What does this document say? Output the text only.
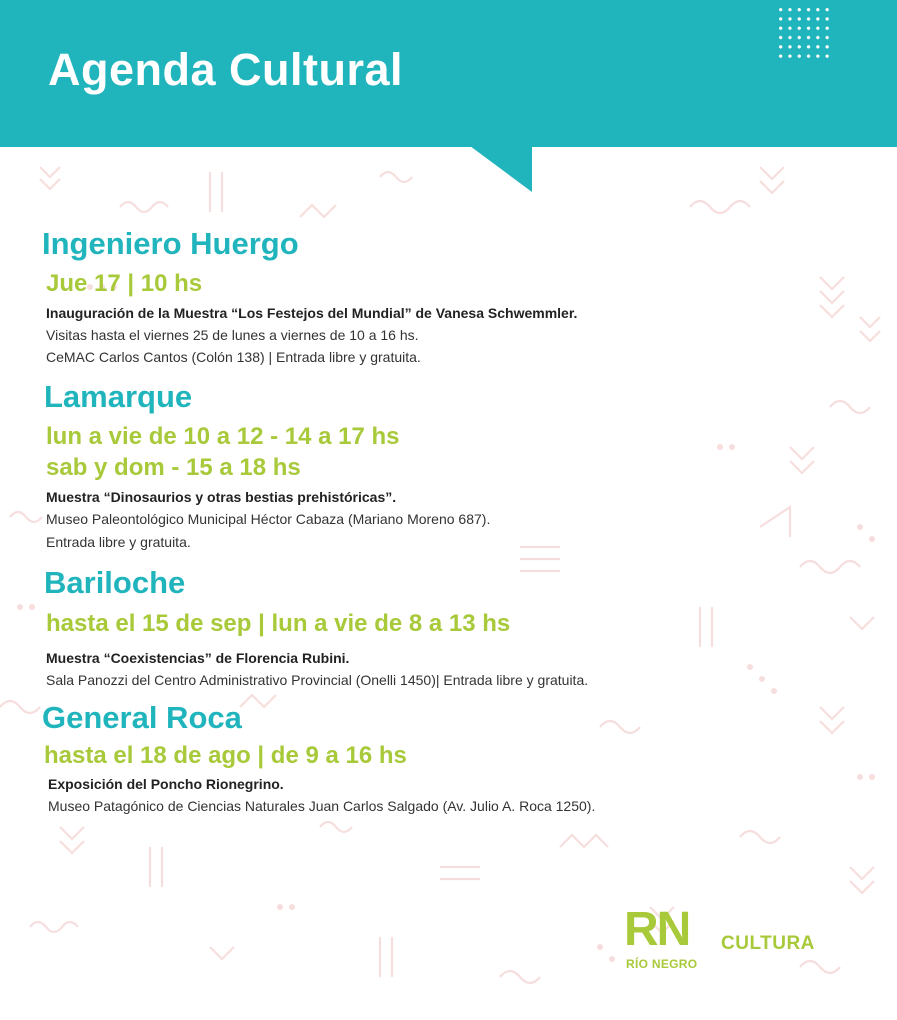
Agenda Cultural
Ingeniero Huergo
Jue 17 | 10 hs
Inauguración de la Muestra “Los Festejos del Mundial” de Vanesa Schwemmler.
Visitas hasta el viernes 25 de lunes a viernes de 10 a 16 hs.
CeMAC Carlos Cantos (Colón 138) | Entrada libre y gratuita.
Lamarque
lun a vie de 10 a 12 - 14 a 17 hs
sab y dom - 15 a 18 hs
Muestra “Dinosaurios y otras bestias prehistóricas”.
Museo Paleontológico Municipal Héctor Cabaza (Mariano Moreno 687).
Entrada libre y gratuita.
Bariloche
hasta el 15 de sep | lun a vie de 8 a 13 hs
Muestra “Coexistencias” de Florencia Rubini.
Sala Panozzi del Centro Administrativo Provincial (Onelli 1450)| Entrada libre y gratuita.
General Roca
hasta el 18 de ago | de 9 a 16 hs
Exposición del Poncho Rionegrino.
Museo Patagónico de Ciencias Naturales Juan Carlos Salgado (Av. Julio A. Roca 1250).
RN
RÍO NEGRO
CULTURA
